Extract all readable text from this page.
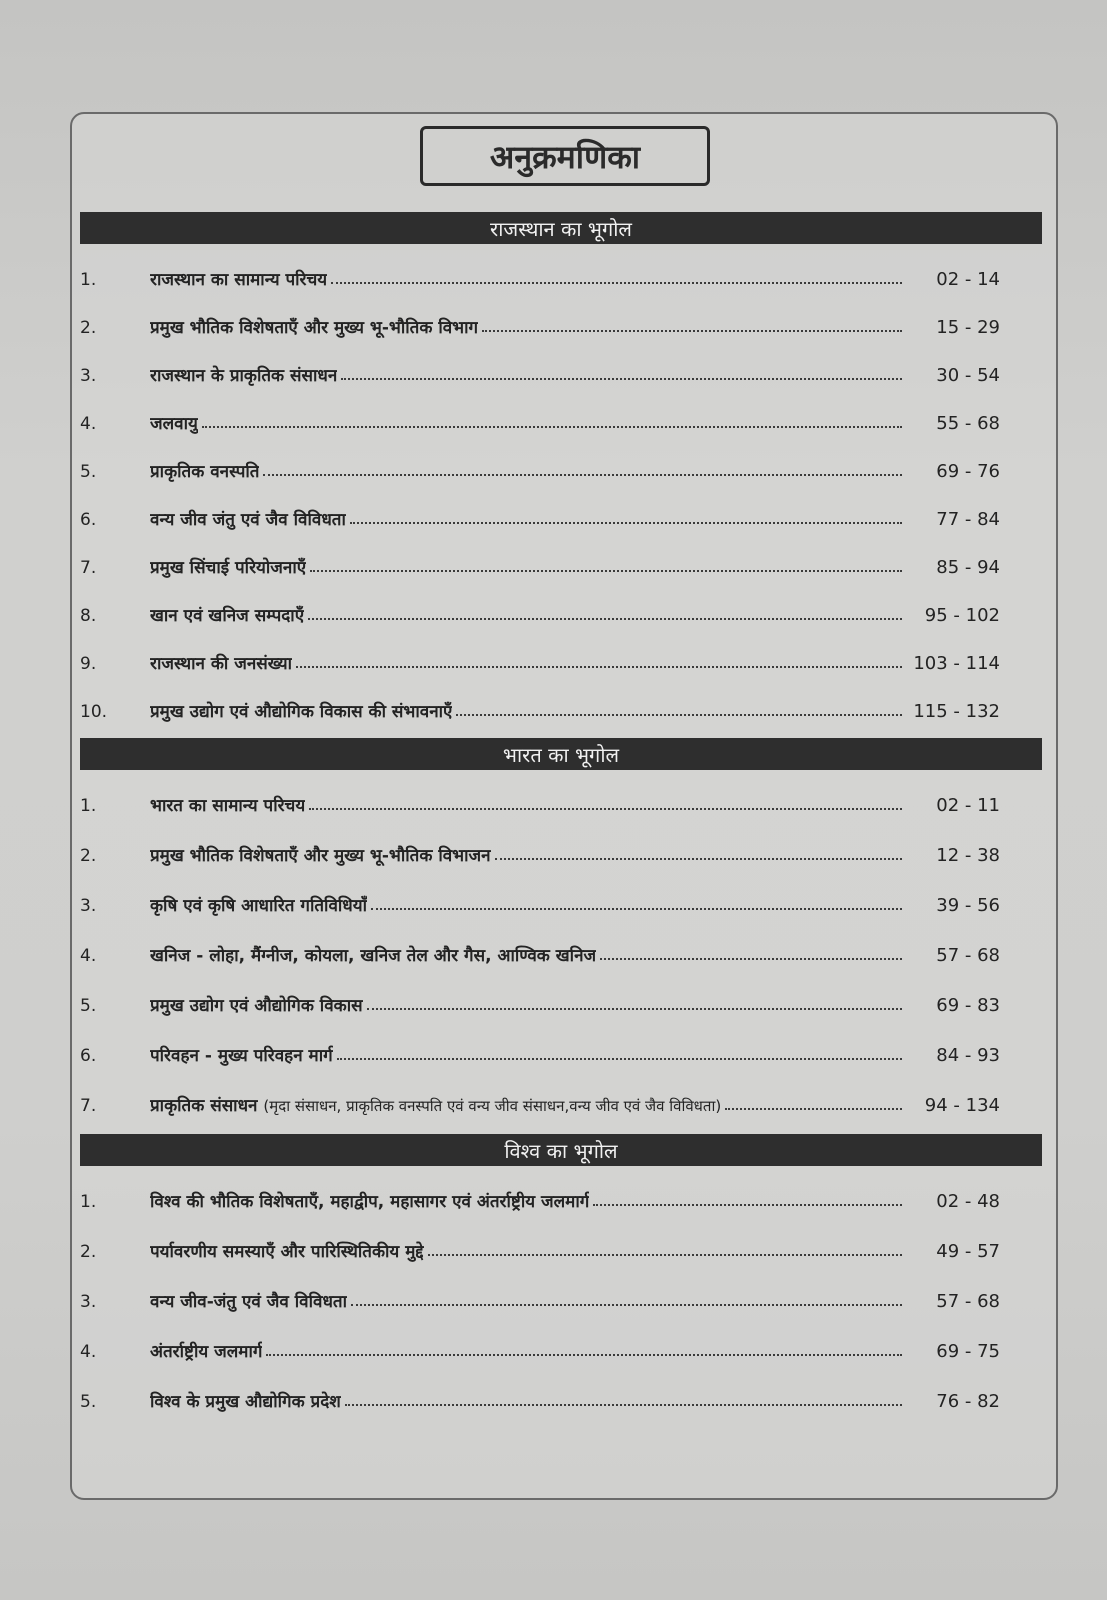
अनुक्रमणिका
राजस्थान का भूगोल
1.	राजस्थान का सामान्य परिचय	02 - 14
2.	प्रमुख भौतिक विशेषताएँ और मुख्य भू-भौतिक विभाग	15 - 29
3.	राजस्थान के प्राकृतिक संसाधन	30 - 54
4.	जलवायु	55 - 68
5.	प्राकृतिक वनस्पति	69 - 76
6.	वन्य जीव जंतु एवं जैव विविधता	77 - 84
7.	प्रमुख सिंचाई परियोजनाएँ	85 - 94
8.	खान एवं खनिज सम्पदाएँ	95 - 102
9.	राजस्थान की जनसंख्या	103 - 114
10.	प्रमुख उद्योग एवं औद्योगिक विकास की संभावनाएँ	115 - 132
भारत का भूगोल
1.	भारत का सामान्य परिचय	02 - 11
2.	प्रमुख भौतिक विशेषताएँ और मुख्य भू-भौतिक विभाजन	12 - 38
3.	कृषि एवं कृषि आधारित गतिविधियाँ	39 - 56
4.	खनिज - लोहा, मैंग्नीज, कोयला, खनिज तेल और गैस, आण्विक खनिज	57 - 68
5.	प्रमुख उद्योग एवं औद्योगिक विकास	69 - 83
6.	परिवहन - मुख्य परिवहन मार्ग	84 - 93
7.	प्राकृतिक संसाधन (मृदा संसाधन, प्राकृतिक वनस्पति एवं वन्य जीव संसाधन,वन्य जीव एवं जैव विविधता)	94 - 134
विश्व का भूगोल
1.	विश्व की भौतिक विशेषताएँ, महाद्वीप, महासागर एवं अंतर्राष्ट्रीय जलमार्ग	02 - 48
2.	पर्यावरणीय समस्याएँ और पारिस्थितिकीय मुद्दे	49 - 57
3.	वन्य जीव-जंतु एवं जैव विविधता	57 - 68
4.	अंतर्राष्ट्रीय जलमार्ग	69 - 75
5.	विश्व के प्रमुख औद्योगिक प्रदेश	76 - 82
